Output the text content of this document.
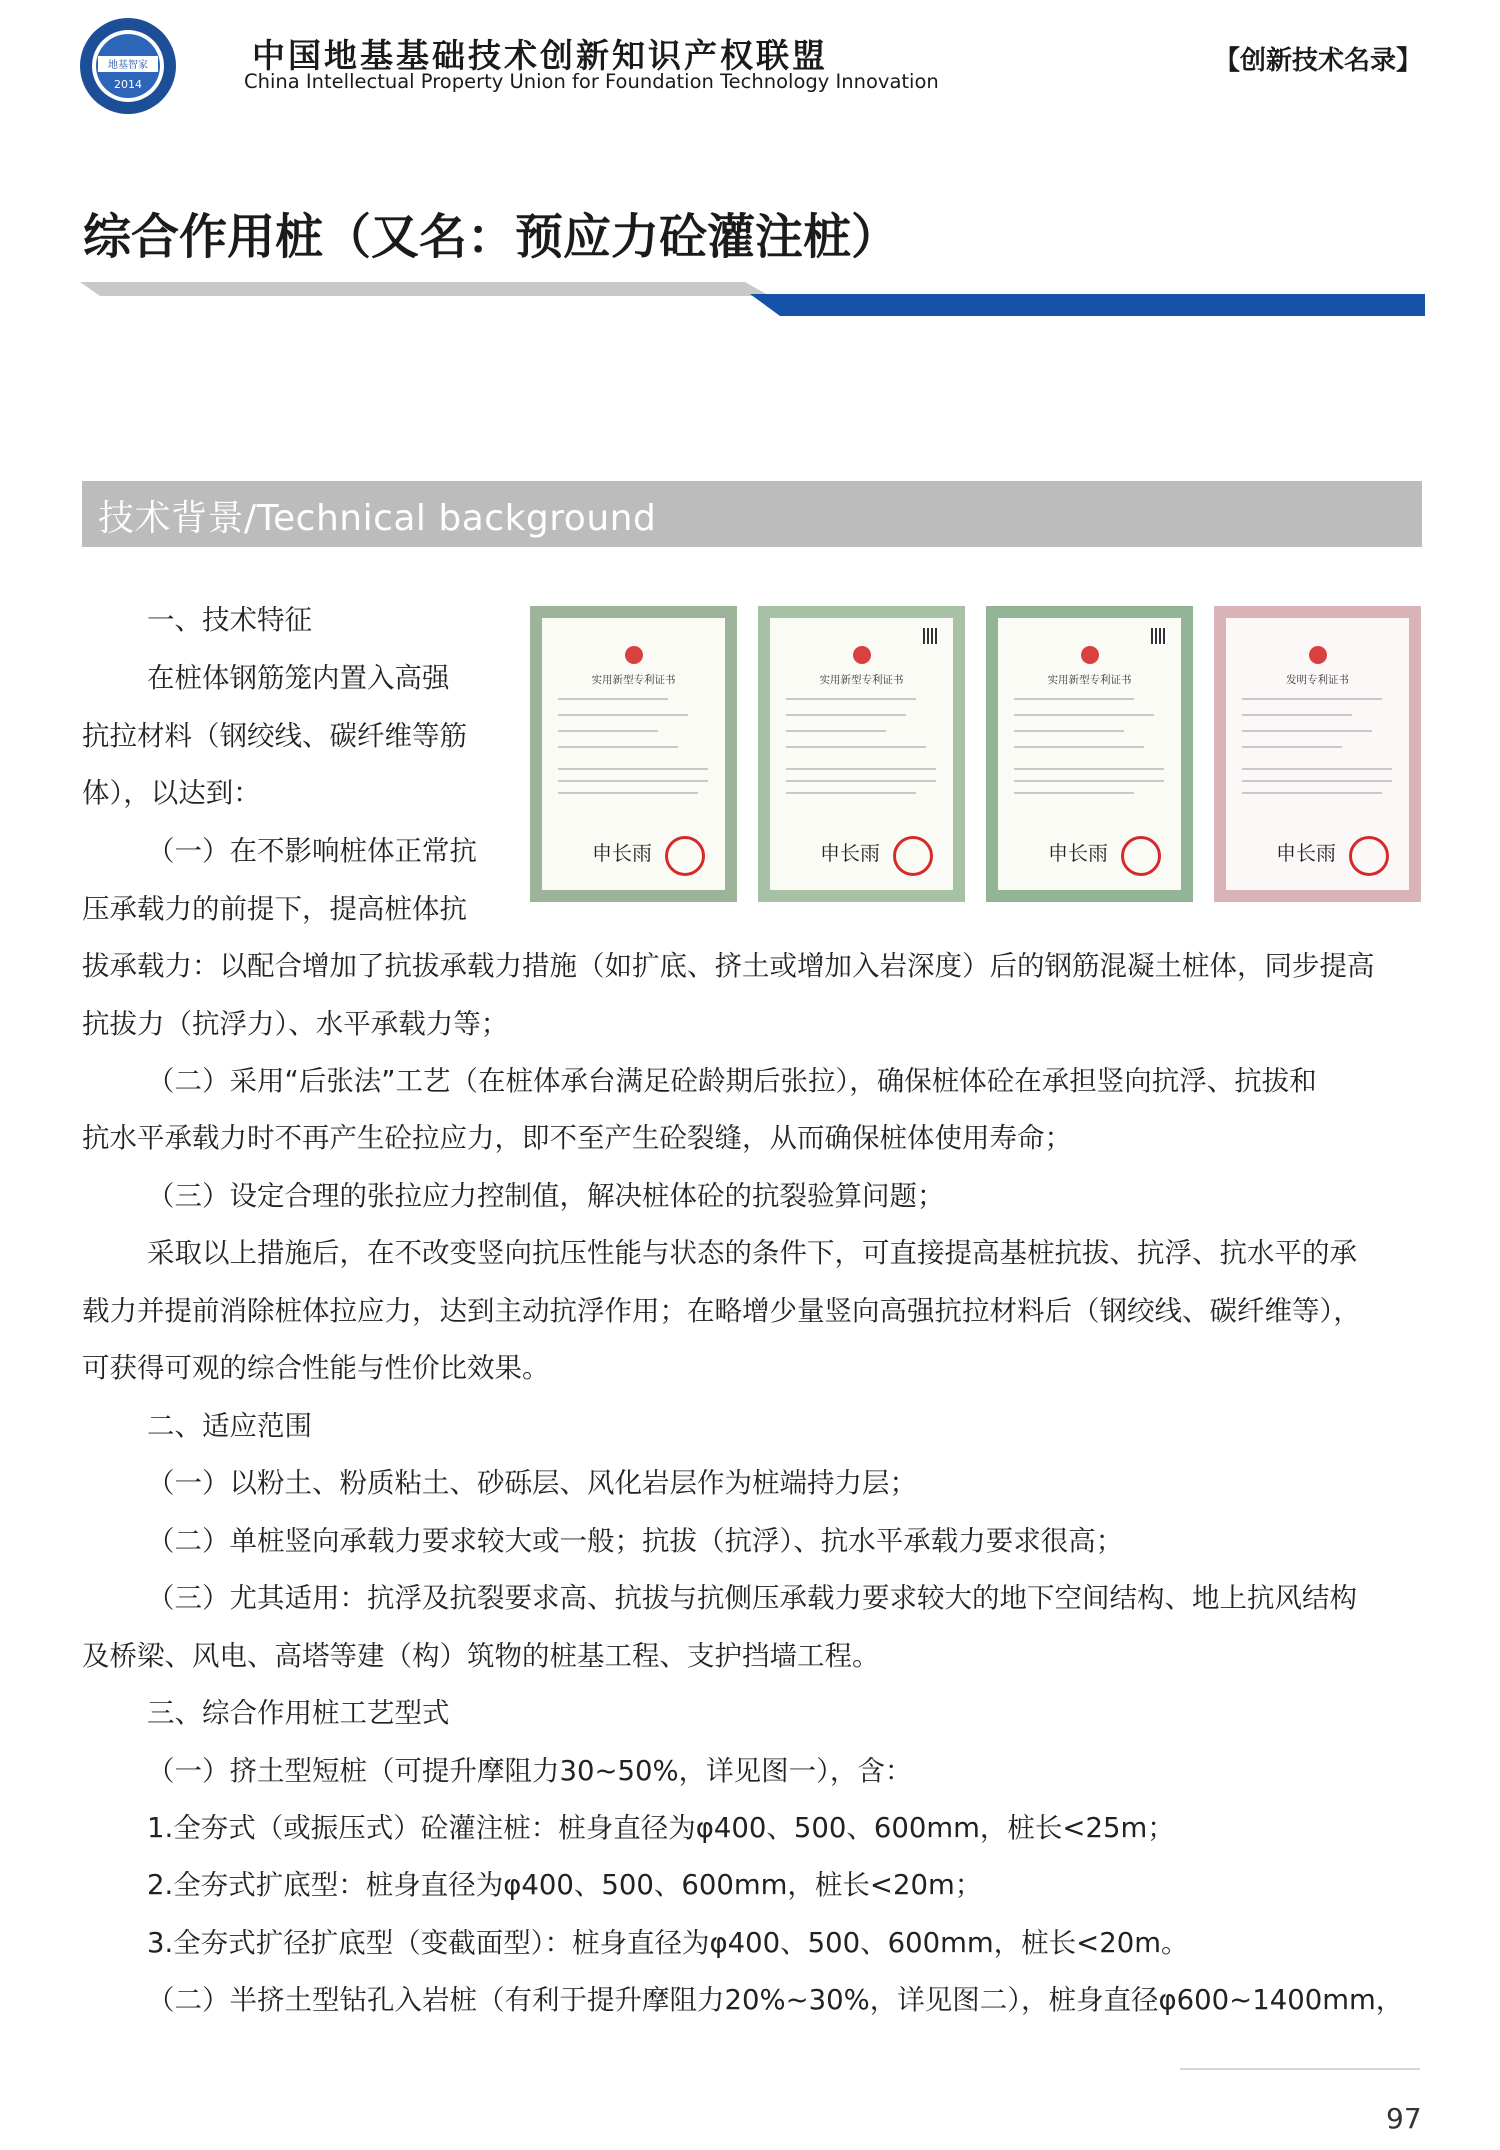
地基智家
2014
中国地基基础技术创新知识产权联盟
China Intellectual Property Union for Foundation Technology Innovation
【创新技术名录】
综合作用桩（又名：预应力砼灌注桩）
技术背景/Technical background
实用新型专利证书
申长雨
实用新型专利证书
申长雨
实用新型专利证书
申长雨
发明专利证书
申长雨
一、技术特征
在桩体钢筋笼内置入高强
抗拉材料（钢绞线、碳纤维等筋
体），以达到：
（一）在不影响桩体正常抗
压承载力的前提下，提高桩体抗
拔承载力：以配合增加了抗拔承载力措施（如扩底、挤土或增加入岩深度）后的钢筋混凝土桩体，同步提高
抗拔力（抗浮力）、水平承载力等；
（二）采用“后张法”工艺（在桩体承台满足砼龄期后张拉），确保桩体砼在承担竖向抗浮、抗拔和
抗水平承载力时不再产生砼拉应力，即不至产生砼裂缝，从而确保桩体使用寿命；
（三）设定合理的张拉应力控制值，解决桩体砼的抗裂验算问题；
采取以上措施后，在不改变竖向抗压性能与状态的条件下，可直接提高基桩抗拔、抗浮、抗水平的承
载力并提前消除桩体拉应力，达到主动抗浮作用；在略增少量竖向高强抗拉材料后（钢绞线、碳纤维等），
可获得可观的综合性能与性价比效果。
二、适应范围
（一）以粉土、粉质粘土、砂砾层、风化岩层作为桩端持力层；
（二）单桩竖向承载力要求较大或一般；抗拔（抗浮）、抗水平承载力要求很高；
（三）尤其适用：抗浮及抗裂要求高、抗拔与抗侧压承载力要求较大的地下空间结构、地上抗风结构
及桥梁、风电、高塔等建（构）筑物的桩基工程、支护挡墙工程。
三、综合作用桩工艺型式
（一）挤土型短桩（可提升摩阻力30~50%，详见图一），含：
1.全夯式（或振压式）砼灌注桩：桩身直径为φ400、500、600mm，桩长<25m；
2.全夯式扩底型：桩身直径为φ400、500、600mm，桩长<20m；
3.全夯式扩径扩底型（变截面型）：桩身直径为φ400、500、600mm，桩长<20m。
（二）半挤土型钻孔入岩桩（有利于提升摩阻力20%~30%，详见图二），桩身直径φ600~1400mm，
97
